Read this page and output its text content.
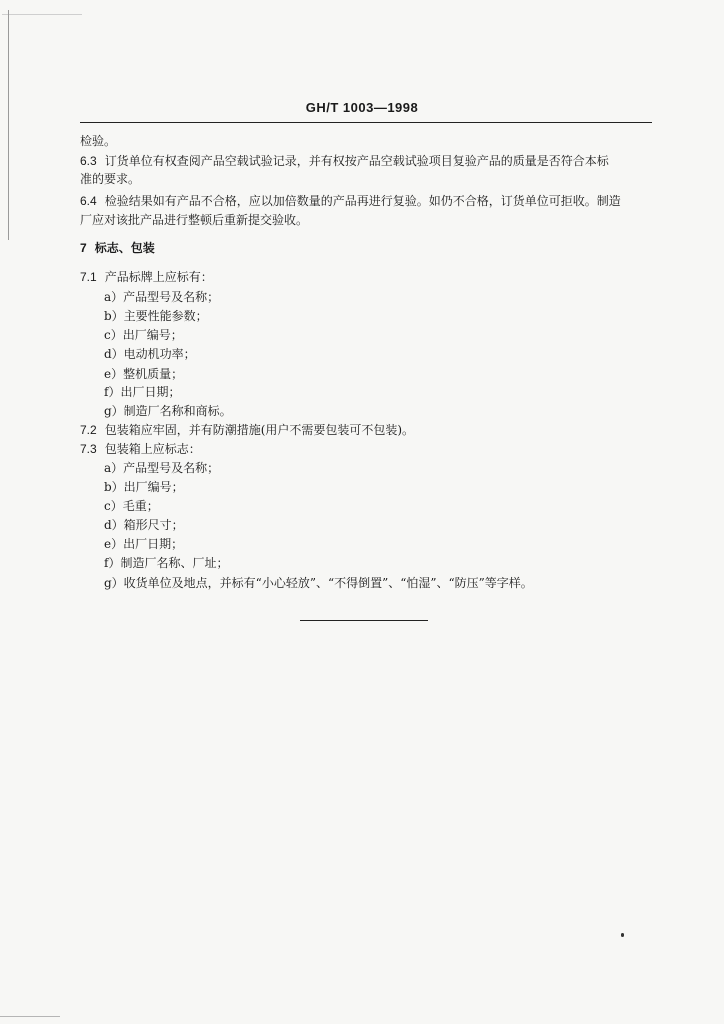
GH/T 1003—1998
检验。
6.3 订货单位有权查阅产品空载试验记录，并有权按产品空载试验项目复验产品的质量是否符合本标
准的要求。
6.4 检验结果如有产品不合格，应以加倍数量的产品再进行复验。如仍不合格，订货单位可拒收。制造
厂应对该批产品进行整顿后重新提交验收。
7 标志、包装
7.1 产品标牌上应标有：
a）产品型号及名称；
b）主要性能参数；
c）出厂编号；
d）电动机功率；
e）整机质量；
f）出厂日期；
g）制造厂名称和商标。
7.2 包装箱应牢固，并有防潮措施(用户不需要包装可不包装)。
7.3 包装箱上应标志：
a）产品型号及名称；
b）出厂编号；
c）毛重；
d）箱形尺寸；
e）出厂日期；
f）制造厂名称、厂址；
g）收货单位及地点，并标有“小心轻放”、“不得倒置”、“怕湿”、“防压”等字样。
